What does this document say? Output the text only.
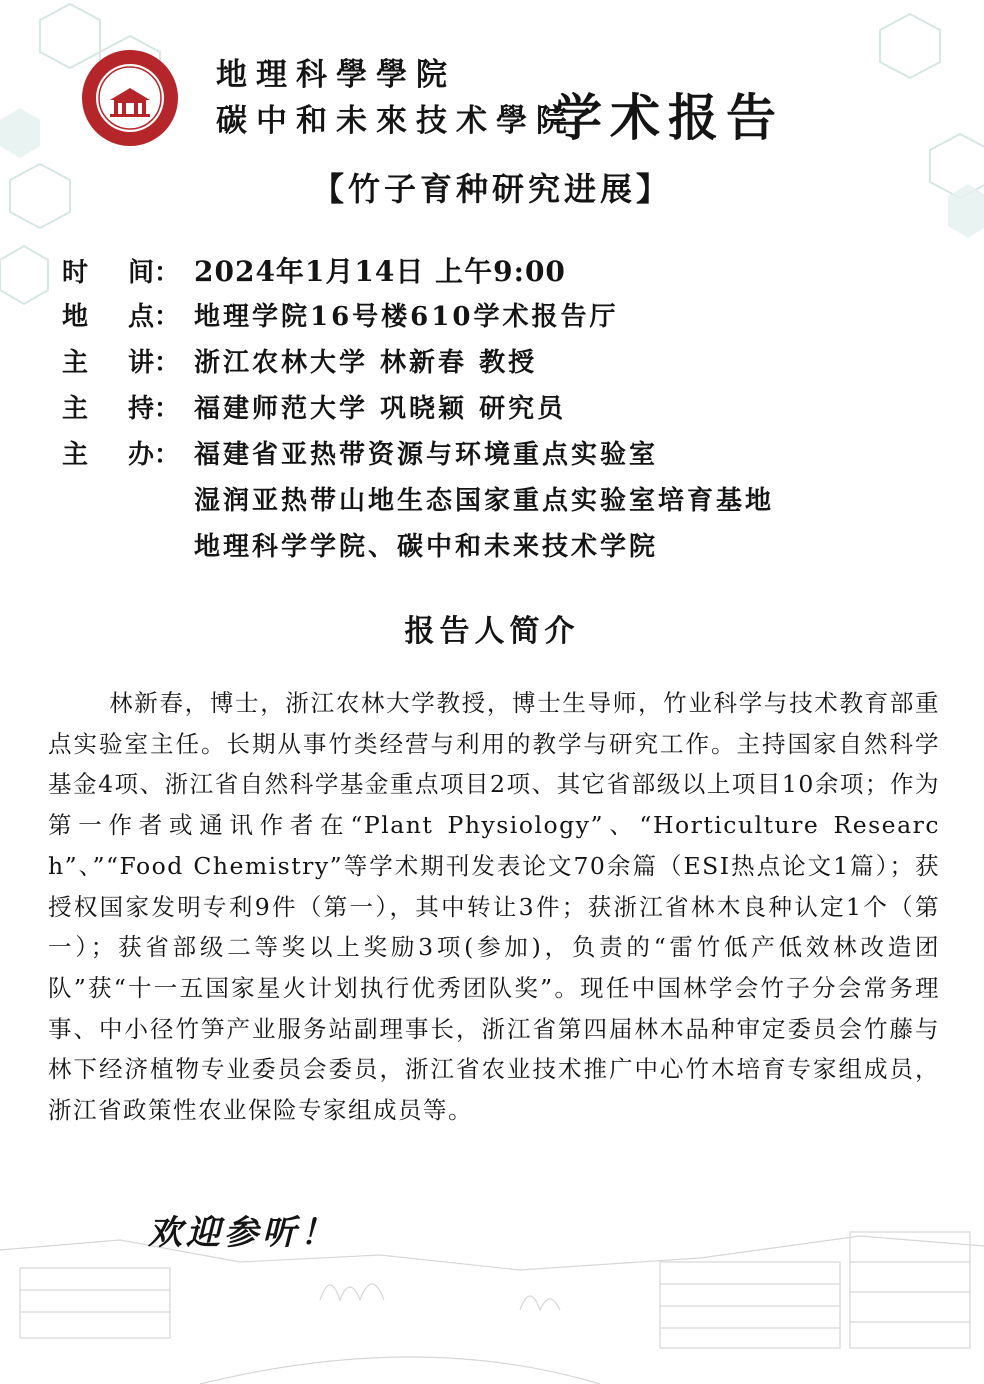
地理科學學院
碳中和未來技术學院
学术报告
【竹子育种研究进展】
时 间： 2024年1月14日 上午9:00
地 点： 地理学院16号楼610学术报告厅
主 讲： 浙江农林大学 林新春 教授
主 持： 福建师范大学 巩晓颖 研究员
主 办： 福建省亚热带资源与环境重点实验室
湿润亚热带山地生态国家重点实验室培育基地
地理科学学院、碳中和未来技术学院
报告人简介
林新春，博士，浙江农林大学教授，博士生导师，竹业科学与技术教育部重点实验室主任。长期从事竹类经营与利用的教学与研究工作。主持国家自然科学基金4项、浙江省自然科学基金重点项目2项、其它省部级以上项目10余项；作为第一作者或通讯作者在“Plant Physiology”、“Horticulture Research”、”“Food Chemistry”等学术期刊发表论文70余篇（ESI热点论文1篇）；获授权国家发明专利9件（第一），其中转让3件；获浙江省林木良种认定1个（第一）；获省部级二等奖以上奖励3项(参加)，负责的“雷竹低产低效林改造团队”获“十一五国家星火计划执行优秀团队奖”。现任中国林学会竹子分会常务理事、中小径竹笋产业服务站副理事长，浙江省第四届林木品种审定委员会竹藤与林下经济植物专业委员会委员，浙江省农业技术推广中心竹木培育专家组成员，浙江省政策性农业保险专家组成员等。
欢迎参听！
